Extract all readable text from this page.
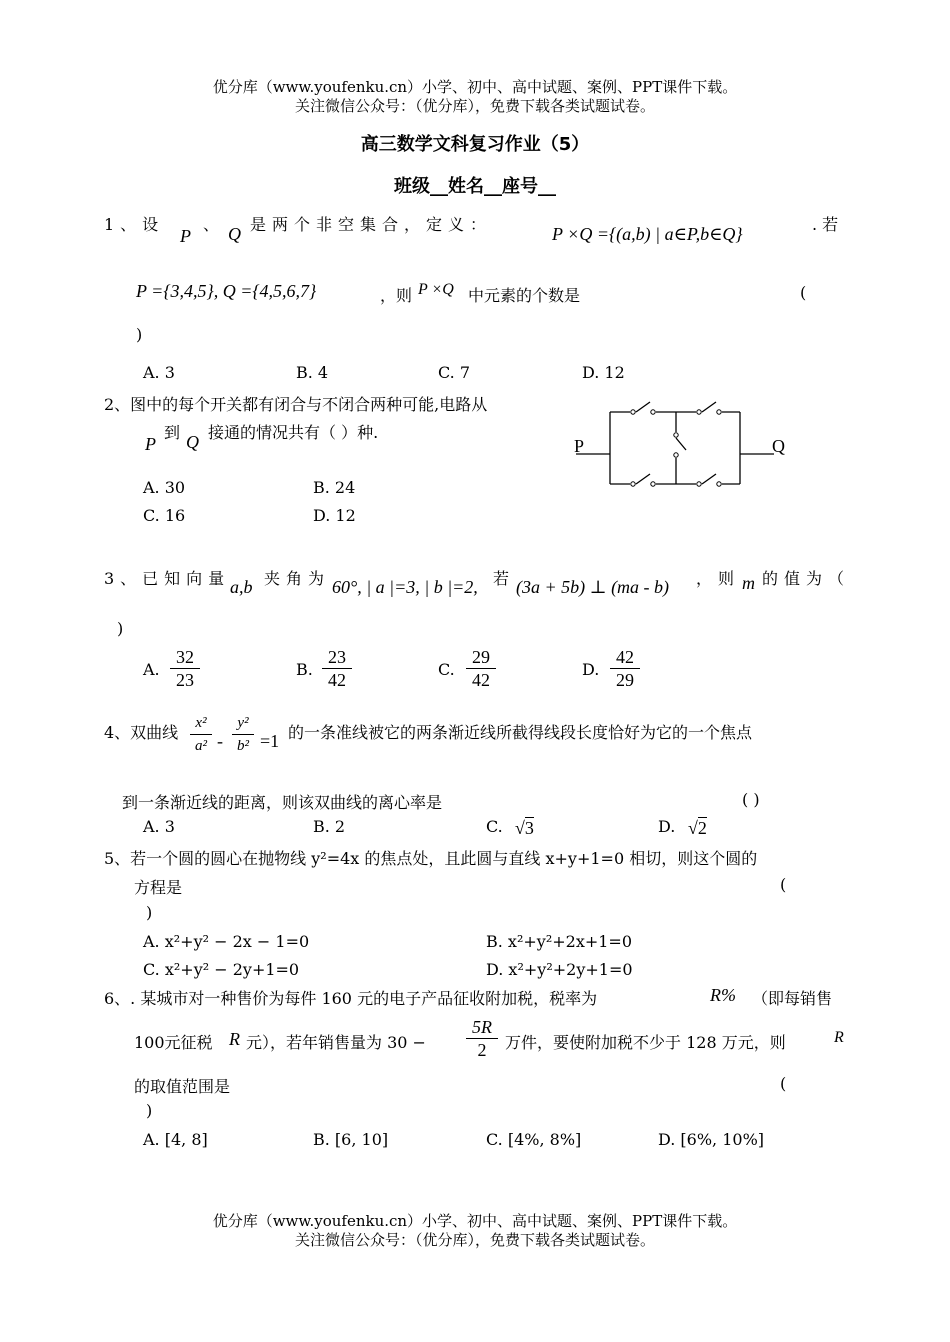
优分库（www.youfenku.cn）小学、初中、高中试题、案例、PPT课件下载。
关注微信公众号：（优分库），免费下载各类试题试卷。
高三数学文科复习作业（5）
班级__姓名__座号__
1、设
P
、 Q 是两个非空集合，定义：	P ×Q ={(a,b) | a∈P,b∈Q}	. 若
P ={3,4,5}, Q ={4,5,6,7}	，则 P ×Q 中元素的个数是	(
)
A. 3	B. 4	C. 7	D. 12
2、图中的每个开关都有闭合与不闭合两种可能,电路从
P
到 Q 接通的情况共有（ ）种.
A. 30	B. 24
C. 16	D. 12
P	Q
3、已知向量 a,b 夹角为 60°, | a |=3, | b |=2, 若 (3a + 5b) ⊥ (ma - b) ，则 m 的值为（
)
A. $\frac{32}{23}$	B. $\frac{23}{42}$	C. $\frac{29}{42}$	D. $\frac{42}{29}$
4、双曲线 $\frac{\text{x²}}{\text{a²}} - \frac{\text{y²}}{\text{b²}} =1$ 的一条准线被它的两条渐近线所截得线段长度恰好为它的一个焦点
到一条渐近线的距离，则该双曲线的离心率是	( )
A. 3	B. 2	C. √3	D. √2
5、若一个圆的圆心在抛物线 y²=4x 的焦点处，且此圆与直线 x+y+1=0 相切，则这个圆的
方程是	(
)
A. x²+y² − 2x − 1=0	B. x²+y²+2x+1=0
C. x²+y² − 2y+1=0	D. x²+y²+2y+1=0
6、. 某城市对一种售价为每件 160 元的电子产品征收附加税，税率为	R% （即每销售
100元征税 R 元），若年销售量为 $30 - \frac{5R}{2}$ 万件，要使附加税不少于 128 万元，则	R
的取值范围是	(
)
A. [4, 8]	B. [6, 10]	C. [4%, 8%]	D. [6%, 10%]
优分库（www.youfenku.cn）小学、初中、高中试题、案例、PPT课件下载。
关注微信公众号：（优分库），免费下载各类试题试卷。
